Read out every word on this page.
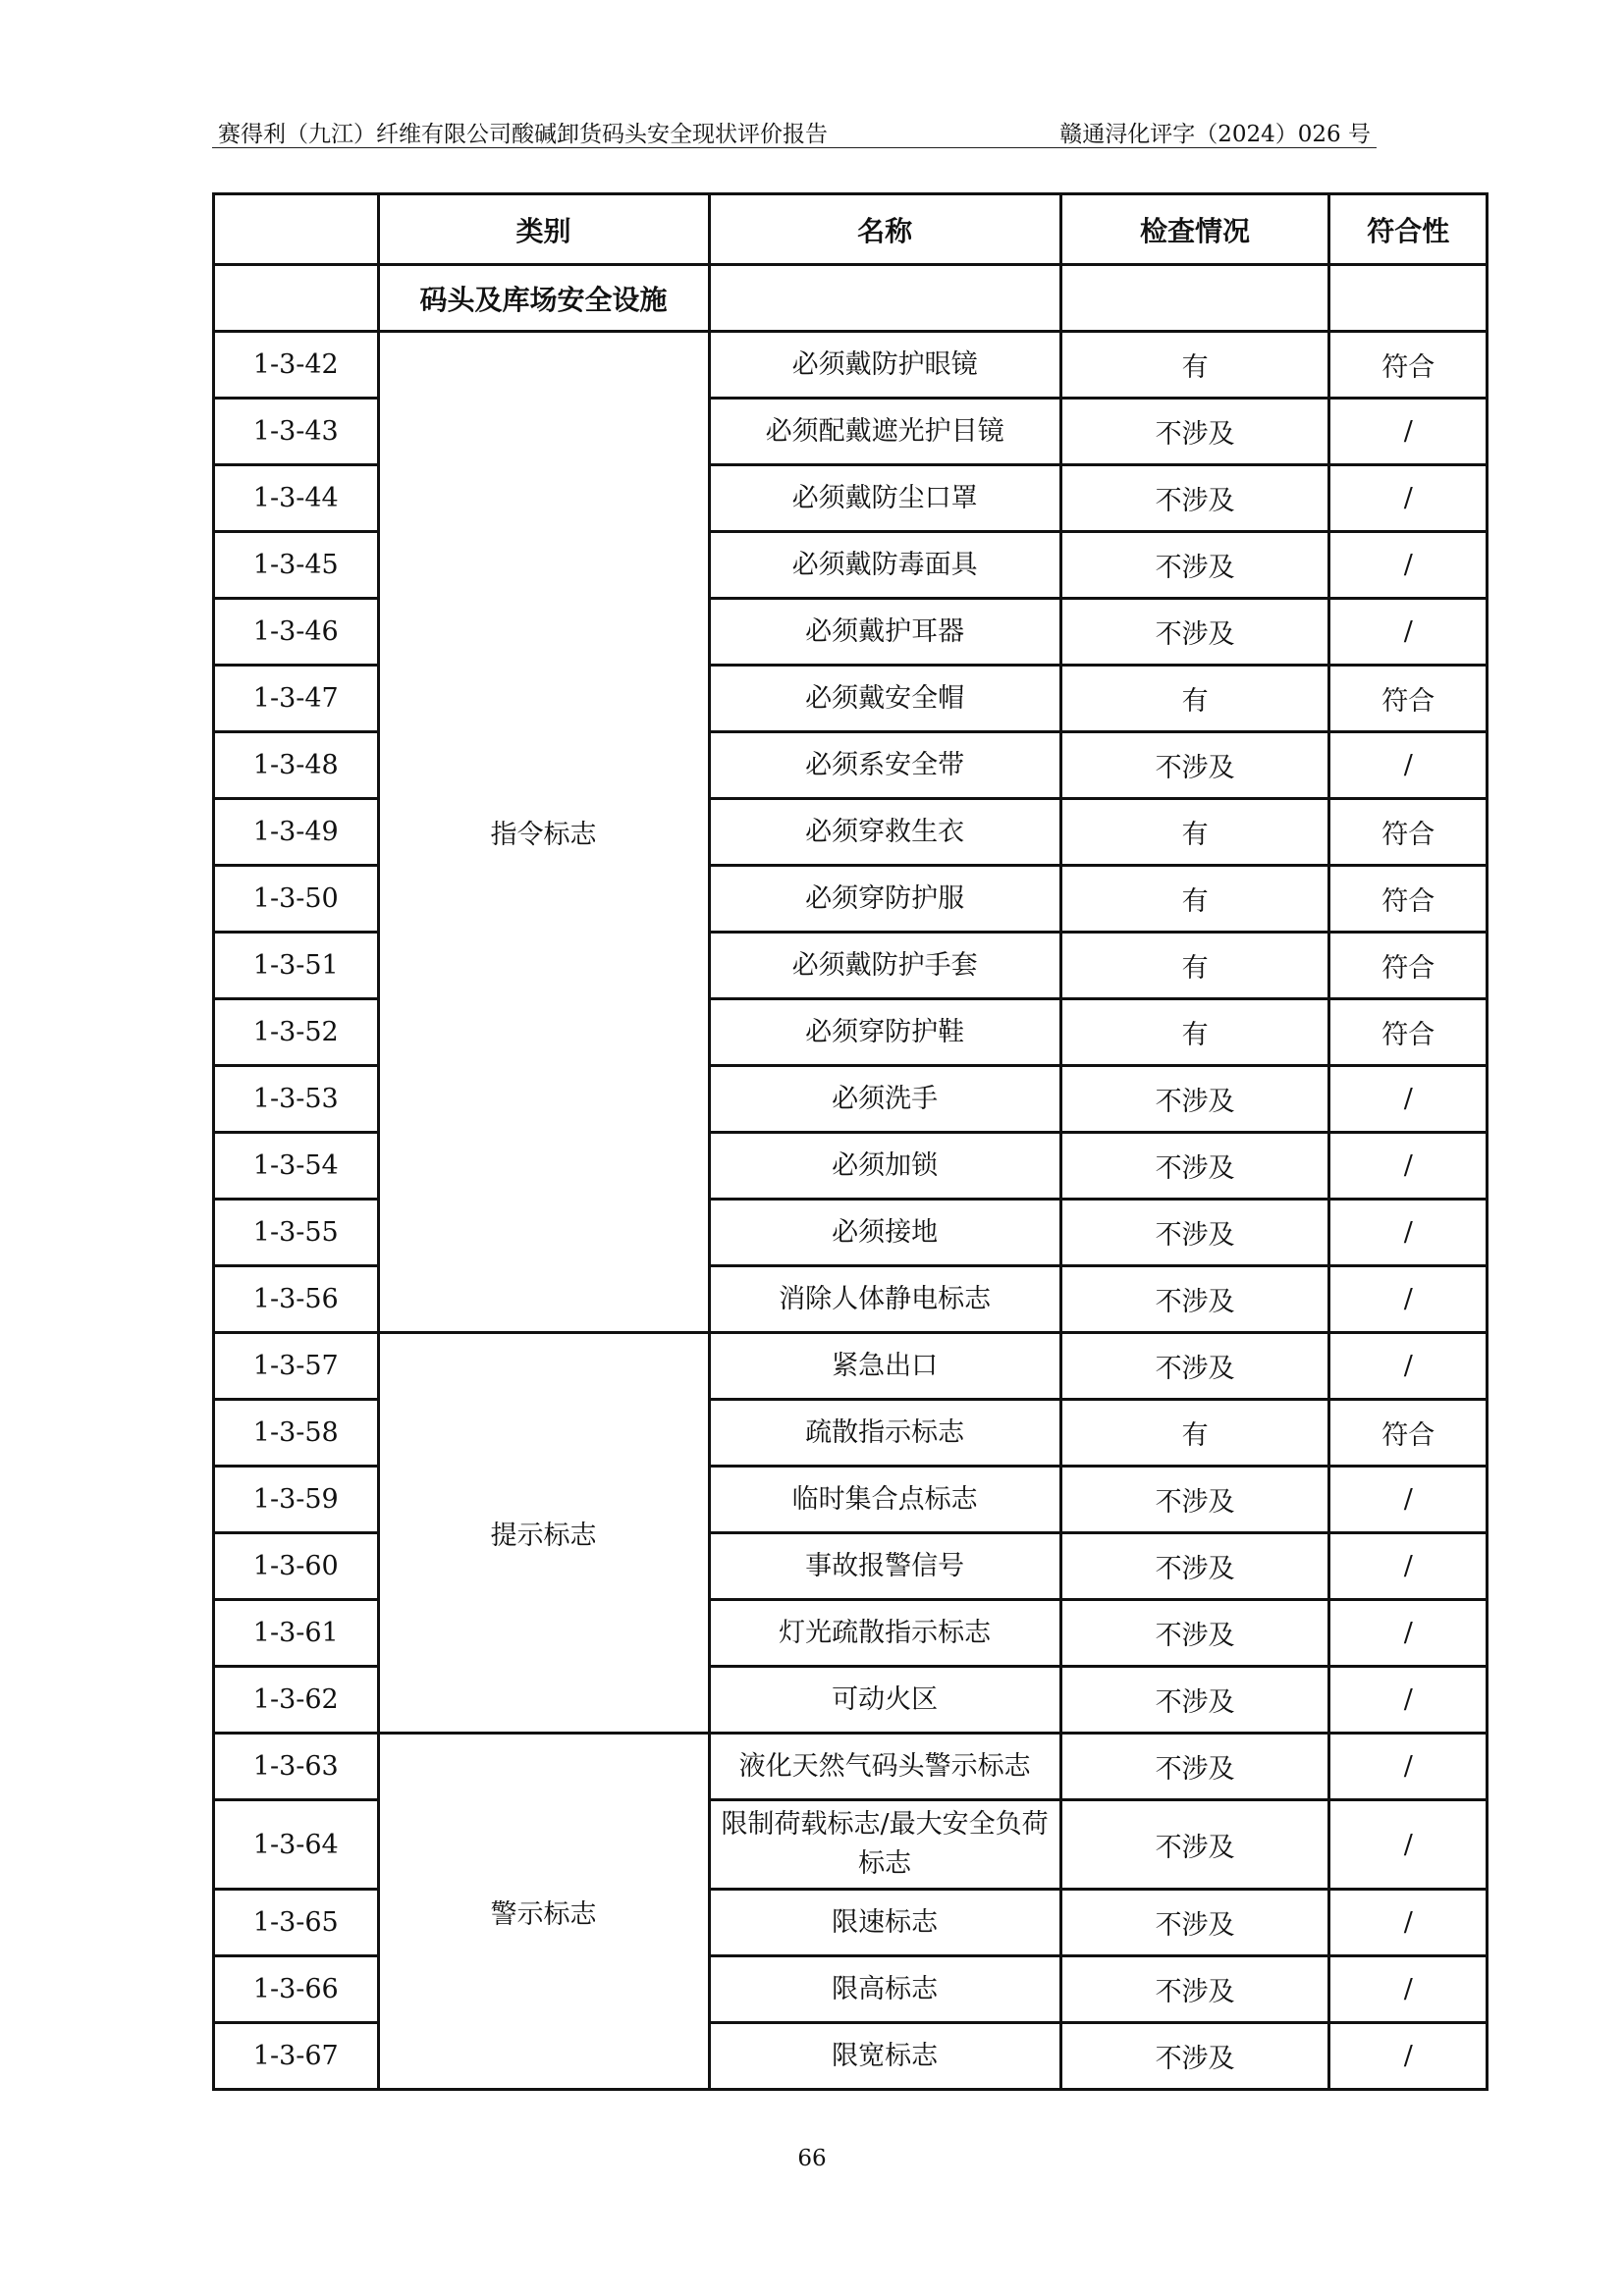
赛得利（九江）纤维有限公司酸碱卸货码头安全现状评价报告	赣通浔化评字（2024）026 号
	类别	名称	检查情况	符合性
	码头及库场安全设施			
1-3-42	指令标志	必须戴防护眼镜	有	符合
1-3-43		必须配戴遮光护目镜	不涉及	/
1-3-44		必须戴防尘口罩	不涉及	/
1-3-45		必须戴防毒面具	不涉及	/
1-3-46		必须戴护耳器	不涉及	/
1-3-47		必须戴安全帽	有	符合
1-3-48		必须系安全带	不涉及	/
1-3-49		必须穿救生衣	有	符合
1-3-50		必须穿防护服	有	符合
1-3-51		必须戴防护手套	有	符合
1-3-52		必须穿防护鞋	有	符合
1-3-53		必须洗手	不涉及	/
1-3-54		必须加锁	不涉及	/
1-3-55		必须接地	不涉及	/
1-3-56		消除人体静电标志	不涉及	/
1-3-57	提示标志	紧急出口	不涉及	/
1-3-58		疏散指示标志	有	符合
1-3-59		临时集合点标志	不涉及	/
1-3-60		事故报警信号	不涉及	/
1-3-61		灯光疏散指示标志	不涉及	/
1-3-62		可动火区	不涉及	/
1-3-63	警示标志	液化天然气码头警示标志	不涉及	/
1-3-64		限制荷载标志/最大安全负荷标志	不涉及	/
1-3-65		限速标志	不涉及	/
1-3-66		限高标志	不涉及	/
1-3-67		限宽标志	不涉及	/
66
